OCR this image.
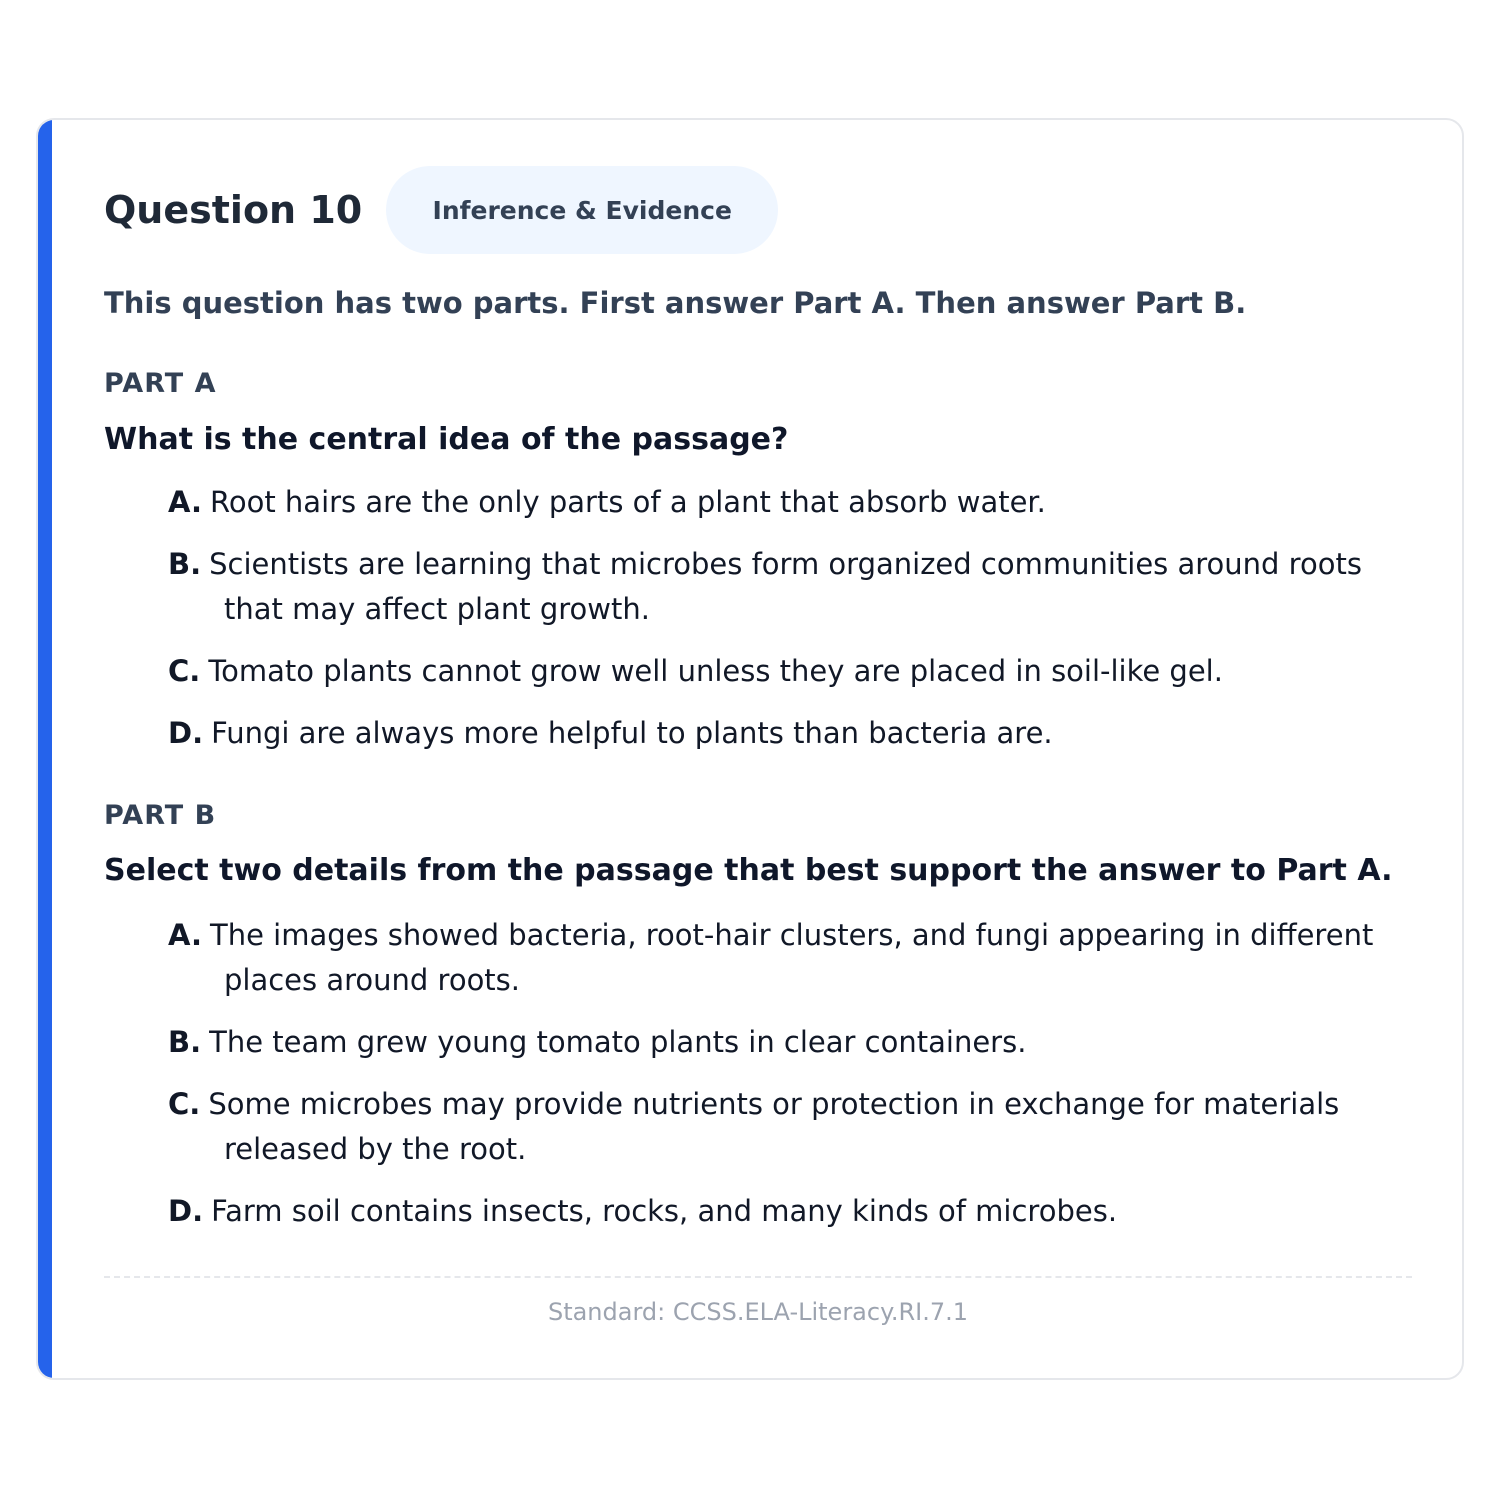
Question 10	Inference & Evidence
This question has two parts. First answer Part A. Then answer Part B.
PART A
What is the central idea of the passage?
A. Root hairs are the only parts of a plant that absorb water.
B. Scientists are learning that microbes form organized communities around roots that may affect plant growth.
C. Tomato plants cannot grow well unless they are placed in soil-like gel.
D. Fungi are always more helpful to plants than bacteria are.
PART B
Select two details from the passage that best support the answer to Part A.
A. The images showed bacteria, root-hair clusters, and fungi appearing in different places around roots.
B. The team grew young tomato plants in clear containers.
C. Some microbes may provide nutrients or protection in exchange for materials released by the root.
D. Farm soil contains insects, rocks, and many kinds of microbes.
Standard: CCSS.ELA-Literacy.RI.7.1
